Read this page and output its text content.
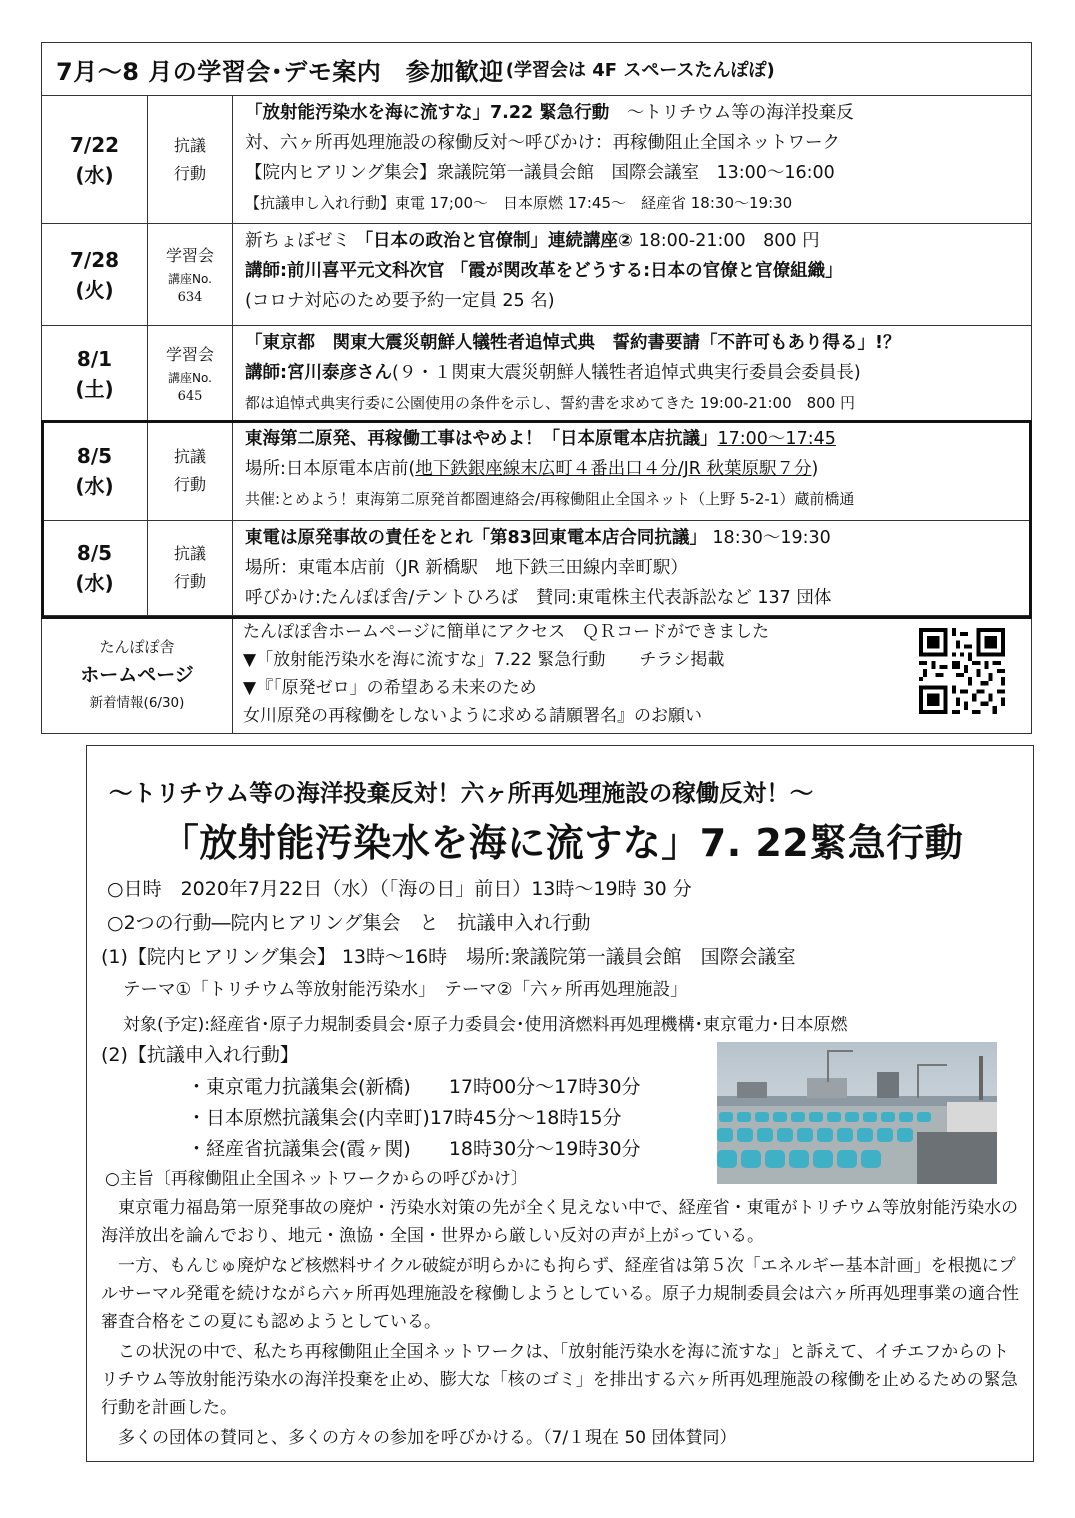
7月～8 月の学習会･デモ案内　参加歓迎 (学習会は 4F スペースたんぽぽ)
7/22
(水)
抗議
行動
「放射能汚染水を海に流すな」7.22 緊急行動　～トリチウム等の海洋投棄反
対、六ヶ所再処理施設の稼働反対～呼びかけ：再稼働阻止全国ネットワーク
【院内ヒアリング集会】衆議院第一議員会館　国際会議室　13:00～16:00
【抗議申し入れ行動】東電 17;00～　日本原燃 17:45～　経産省 18:30～19:30
7/28
(火)
学習会
講座No.
634
新ちょぼゼミ 「日本の政治と官僚制」連続講座② 18:00-21:00　800 円
講師:前川喜平元文科次官 「霞が関改革をどうする:日本の官僚と官僚組織」
(コロナ対応のため要予約一定員 25 名)
8/1
(土)
学習会
講座No.
645
「東京都　関東大震災朝鮮人犠牲者追悼式典　誓約書要請「不許可もあり得る」!？
講師:宮川泰彦さん(９・１関東大震災朝鮮人犠牲者追悼式典実行委員会委員長)
都は追悼式典実行委に公園使用の条件を示し、誓約書を求めてきた 19:00-21:00　800 円
8/5
(水)
抗議
行動
東海第二原発、再稼働工事はやめよ！「日本原電本店抗議」17:00～17:45
場所:日本原電本店前(地下鉄銀座線末広町４番出口４分/JR 秋葉原駅７分)
共催:とめよう！東海第二原発首都圏連絡会/再稼働阻止全国ネット（上野 5-2-1）蔵前橋通
8/5
(水)
抗議
行動
東電は原発事故の責任をとれ「第83回東電本店合同抗議」 18:30～19:30
場所：東電本店前（JR 新橋駅　地下鉄三田線内幸町駅）
呼びかけ:たんぽぽ舎/テントひろば　賛同:東電株主代表訴訟など 137 団体
たんぽぽ舎
ホームページ
新着情報(6/30)
たんぽぽ舎ホームページに簡単にアクセス　ＱＲコードができました
▼「放射能汚染水を海に流すな」7.22 緊急行動　　チラシ掲載
▼『「原発ゼロ」の希望ある未来のため
女川原発の再稼働をしないように求める請願署名』のお願い
～トリチウム等の海洋投棄反対！六ヶ所再処理施設の稼働反対！～
「放射能汚染水を海に流すな」7. 22緊急行動
○日時　2020年7月22日（水）（「海の日」前日）13時～19時 30 分
○2つの行動―院内ヒアリング集会　と　抗議申入れ行動
(1)【院内ヒアリング集会】 13時～16時　場所:衆議院第一議員会館　国際会議室
テーマ①「トリチウム等放射能汚染水」　テーマ②「六ヶ所再処理施設」
対象(予定):経産省･原子力規制委員会･原子力委員会･使用済燃料再処理機構･東京電力･日本原燃
(2)【抗議申入れ行動】
・東京電力抗議集会(新橋)　　17時00分～17時30分
・日本原燃抗議集会(内幸町)17時45分～18時15分
・経産省抗議集会(霞ヶ関)　　18時30分～19時30分
○主旨〔再稼働阻止全国ネットワークからの呼びかけ〕
　東京電力福島第一原発事故の廃炉・汚染水対策の先が全く見えない中で、経産省・東電がトリチウム等放射能汚染水の海洋放出を論んでおり、地元・漁協・全国・世界から厳しい反対の声が上がっている。
　一方、もんじゅ廃炉など核燃料サイクル破綻が明らかにも拘らず、経産省は第５次「エネルギー基本計画」を根拠にプルサーマル発電を続けながら六ヶ所再処理施設を稼働しようとしている。原子力規制委員会は六ヶ所再処理事業の適合性審査合格をこの夏にも認めようとしている。
　この状況の中で、私たち再稼働阻止全国ネットワークは、「放射能汚染水を海に流すな」と訴えて、イチエフからのトリチウム等放射能汚染水の海洋投棄を止め、膨大な「核のゴミ」を排出する六ヶ所再処理施設の稼働を止めるための緊急行動を計画した。
　多くの団体の賛同と、多くの方々の参加を呼びかける。（7/１現在 50 団体賛同）
